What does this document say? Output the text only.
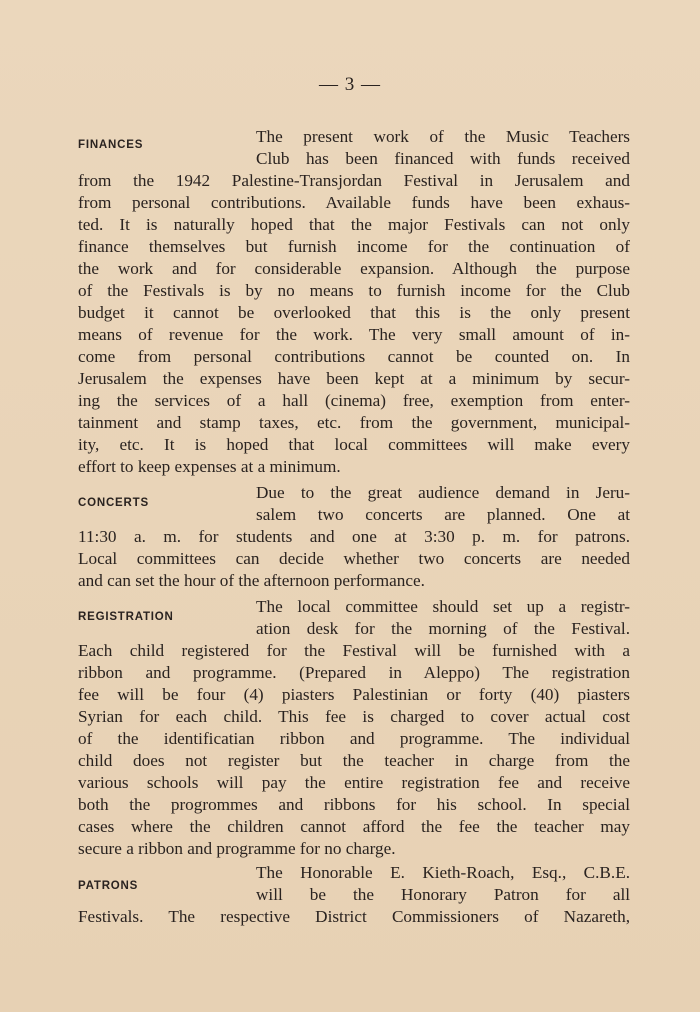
— 3 —
FINANCES	The present work of the Music Teachers
Club has been financed with funds received
from the 1942 Palestine-Transjordan Festival in Jerusalem and
from personal contributions. Available funds have been exhaus-
ted. It is naturally hoped that the major Festivals can not only
finance themselves but furnish income for the continuation of
the work and for considerable expansion. Although the purpose
of the Festivals is by no means to furnish income for the Club
budget it cannot be overlooked that this is the only present
means of revenue for the work. The very small amount of in-
come from personal contributions cannot be counted on. In
Jerusalem the expenses have been kept at a minimum by secur-
ing the services of a hall (cinema) free, exemption from enter-
tainment and stamp taxes, etc. from the government, municipal-
ity, etc. It is hoped that local committees will make every
effort to keep expenses at a minimum.
CONCERTS
Due to the great audience demand in Jeru-
salem two concerts are planned. One at
11:30 a. m. for students and one at 3:30 p. m. for patrons.
Local committees can decide whether two concerts are needed
and can set the hour of the afternoon performance.
REGISTRATION
The local committee should set up a registr-
ation desk for the morning of the Festival.
Each child registered for the Festival will be furnished with a
ribbon and programme. (Prepared in Aleppo) The registration
fee will be four (4) piasters Palestinian or forty (40) piasters
Syrian for each child. This fee is charged to cover actual cost
of the identificatian ribbon and programme. The individual
child does not register but the teacher in charge from the
various schools will pay the entire registration fee and receive
both the progrommes and ribbons for his school. In special
cases where the children cannot afford the fee the teacher may
secure a ribbon and programme for no charge.
PATRONS
The Honorable E. Kieth-Roach, Esq., C.B.E.
will be the Honorary Patron for all
Festivals. The respective District Commissioners of Nazareth,
